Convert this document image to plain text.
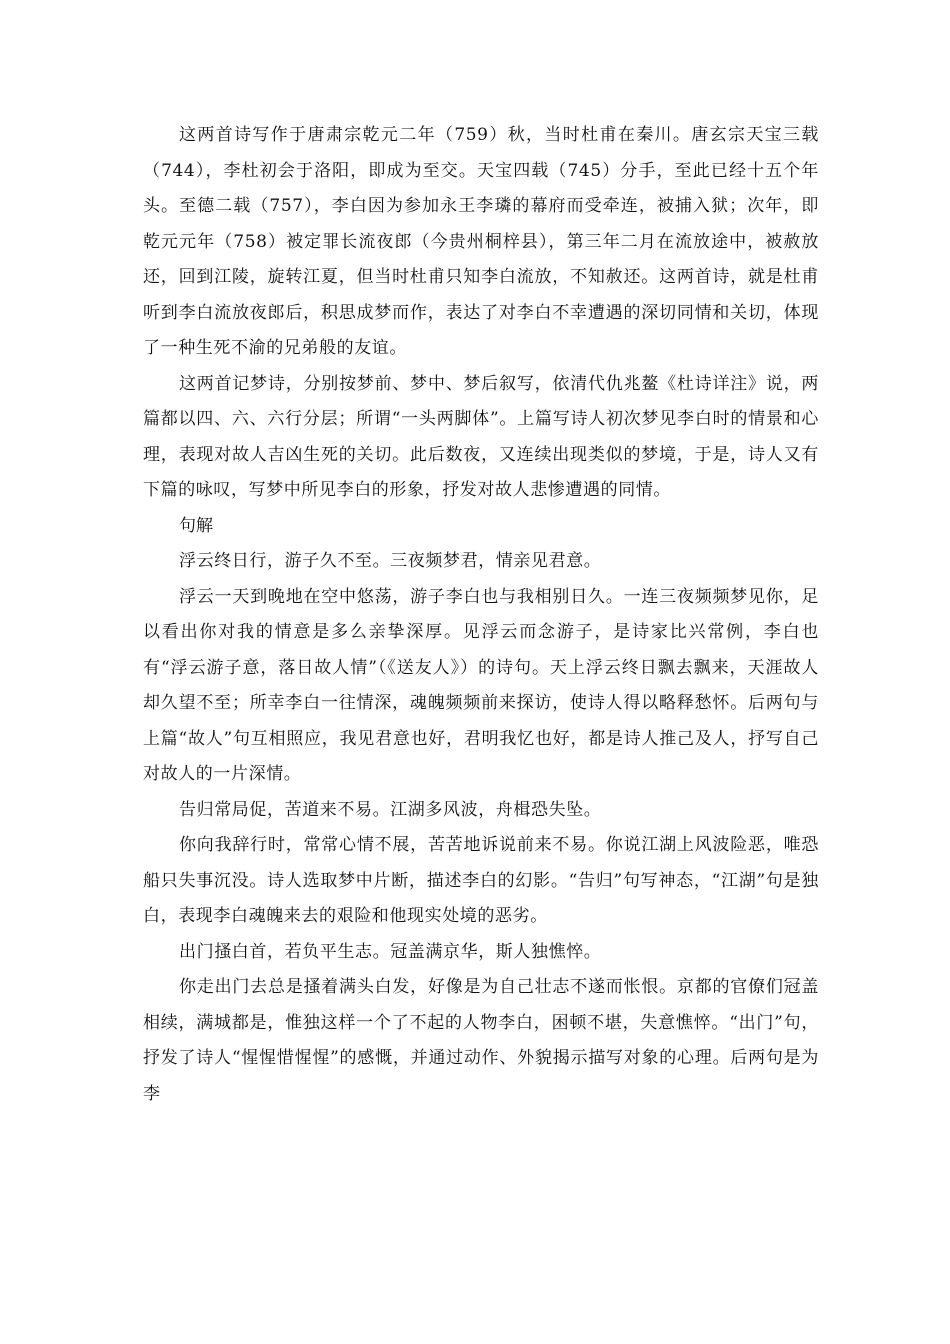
这两首诗写作于唐肃宗乾元二年（759）秋，当时杜甫在秦川。唐玄宗天宝三载（744），李杜初会于洛阳，即成为至交。天宝四载（745）分手，至此已经十五个年头。至德二载（757），李白因为参加永王李璘的幕府而受牵连，被捕入狱；次年，即乾元元年（758）被定罪长流夜郎（今贵州桐梓县），第三年二月在流放途中，被赦放还，回到江陵，旋转江夏，但当时杜甫只知李白流放，不知赦还。这两首诗，就是杜甫听到李白流放夜郎后，积思成梦而作，表达了对李白不幸遭遇的深切同情和关切，体现了一种生死不渝的兄弟般的友谊。

这两首记梦诗，分别按梦前、梦中、梦后叙写，依清代仇兆鳌《杜诗详注》说，两篇都以四、六、六行分层；所谓“一头两脚体”。上篇写诗人初次梦见李白时的情景和心理，表现对故人吉凶生死的关切。此后数夜，又连续出现类似的梦境，于是，诗人又有下篇的咏叹，写梦中所见李白的形象，抒发对故人悲惨遭遇的同情。

句解

浮云终日行，游子久不至。三夜频梦君，情亲见君意。

浮云一天到晚地在空中悠荡，游子李白也与我相别日久。一连三夜频频梦见你，足以看出你对我的情意是多么亲挚深厚。见浮云而念游子，是诗家比兴常例，李白也有“浮云游子意，落日故人情”（《送友人》）的诗句。天上浮云终日飘去飘来，天涯故人却久望不至；所幸李白一往情深，魂魄频频前来探访，使诗人得以略释愁怀。后两句与上篇“故人”句互相照应，我见君意也好，君明我忆也好，都是诗人推己及人，抒写自己对故人的一片深情。

告归常局促，苦道来不易。江湖多风波，舟楫恐失坠。

你向我辞行时，常常心情不展，苦苦地诉说前来不易。你说江湖上风波险恶，唯恐船只失事沉没。诗人选取梦中片断，描述李白的幻影。“告归”句写神态，“江湖”句是独白，表现李白魂魄来去的艰险和他现实处境的恶劣。

出门搔白首，若负平生志。冠盖满京华，斯人独憔悴。

你走出门去总是搔着满头白发，好像是为自己壮志不遂而怅恨。京都的官僚们冠盖相续，满城都是，惟独这样一个了不起的人物李白，困顿不堪，失意憔悴。“出门”句，抒发了诗人“惺惺惜惺惺”的感慨，并通过动作、外貌揭示描写对象的心理。后两句是为李
